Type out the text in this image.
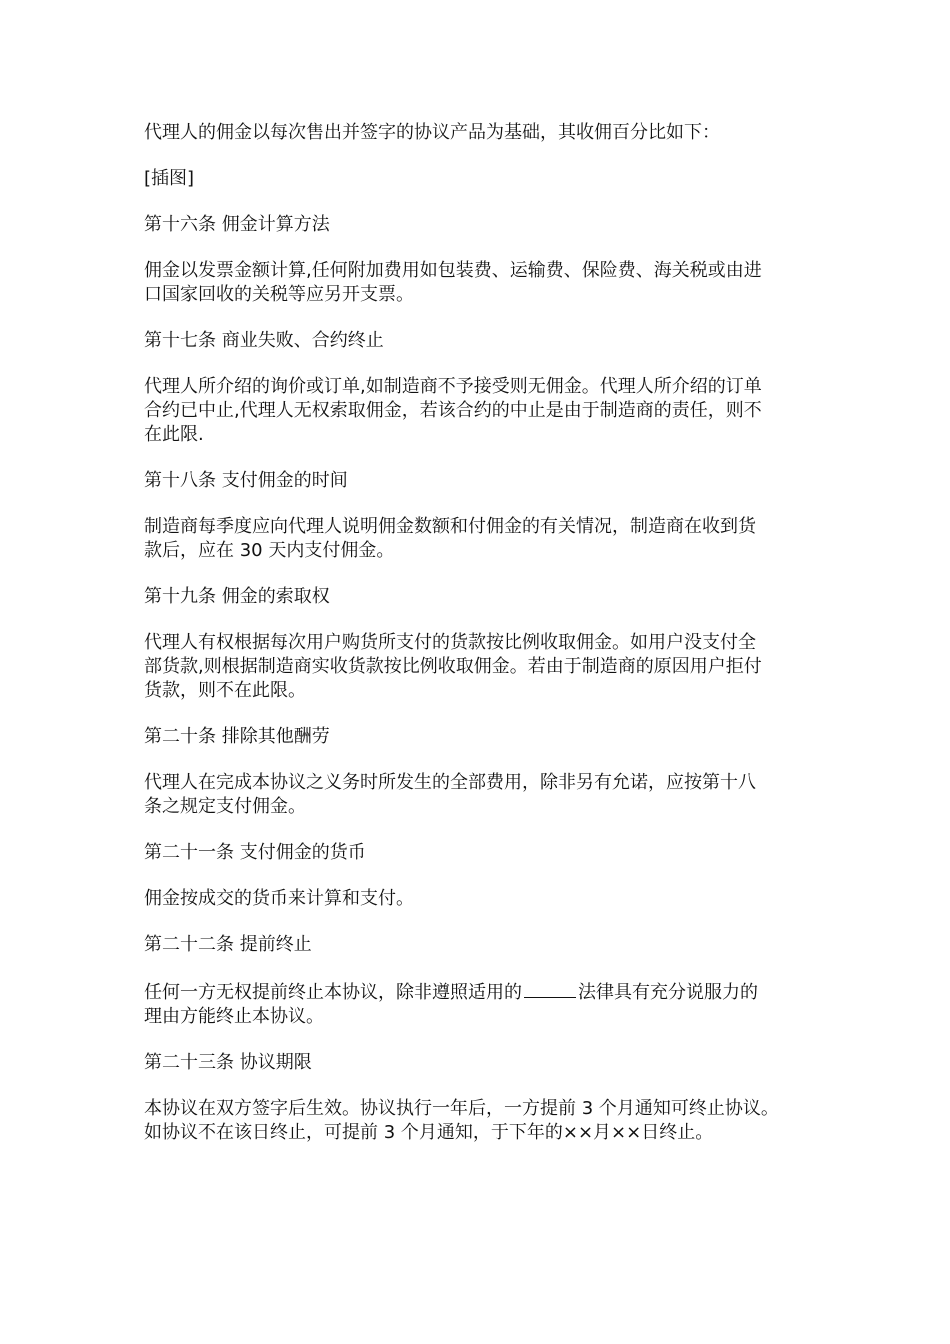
代理人的佣金以每次售出并签字的协议产品为基础，其收佣百分比如下：

[插图]

第十六条 佣金计算方法

佣金以发票金额计算,任何附加费用如包装费、运输费、保险费、海关税或由进
口国家回收的关税等应另开支票。

第十七条 商业失败、合约终止

代理人所介绍的询价或订单,如制造商不予接受则无佣金。代理人所介绍的订单
合约已中止,代理人无权索取佣金，若该合约的中止是由于制造商的责任，则不
在此限.

第十八条 支付佣金的时间

制造商每季度应向代理人说明佣金数额和付佣金的有关情况，制造商在收到货
款后，应在 30 天内支付佣金。

第十九条 佣金的索取权

代理人有权根据每次用户购货所支付的货款按比例收取佣金。如用户没支付全
部货款,则根据制造商实收货款按比例收取佣金。若由于制造商的原因用户拒付
货款，则不在此限。

第二十条 排除其他酬劳

代理人在完成本协议之义务时所发生的全部费用，除非另有允诺，应按第十八
条之规定支付佣金。

第二十一条 支付佣金的货币

佣金按成交的货币来计算和支付。

第二十二条 提前终止

任何一方无权提前终止本协议，除非遵照适用的	法律具有充分说服力的
理由方能终止本协议。

第二十三条 协议期限

本协议在双方签字后生效。协议执行一年后，一方提前 3 个月通知可终止协议。
如协议不在该日终止，可提前 3 个月通知，于下年的××月××日终止。
